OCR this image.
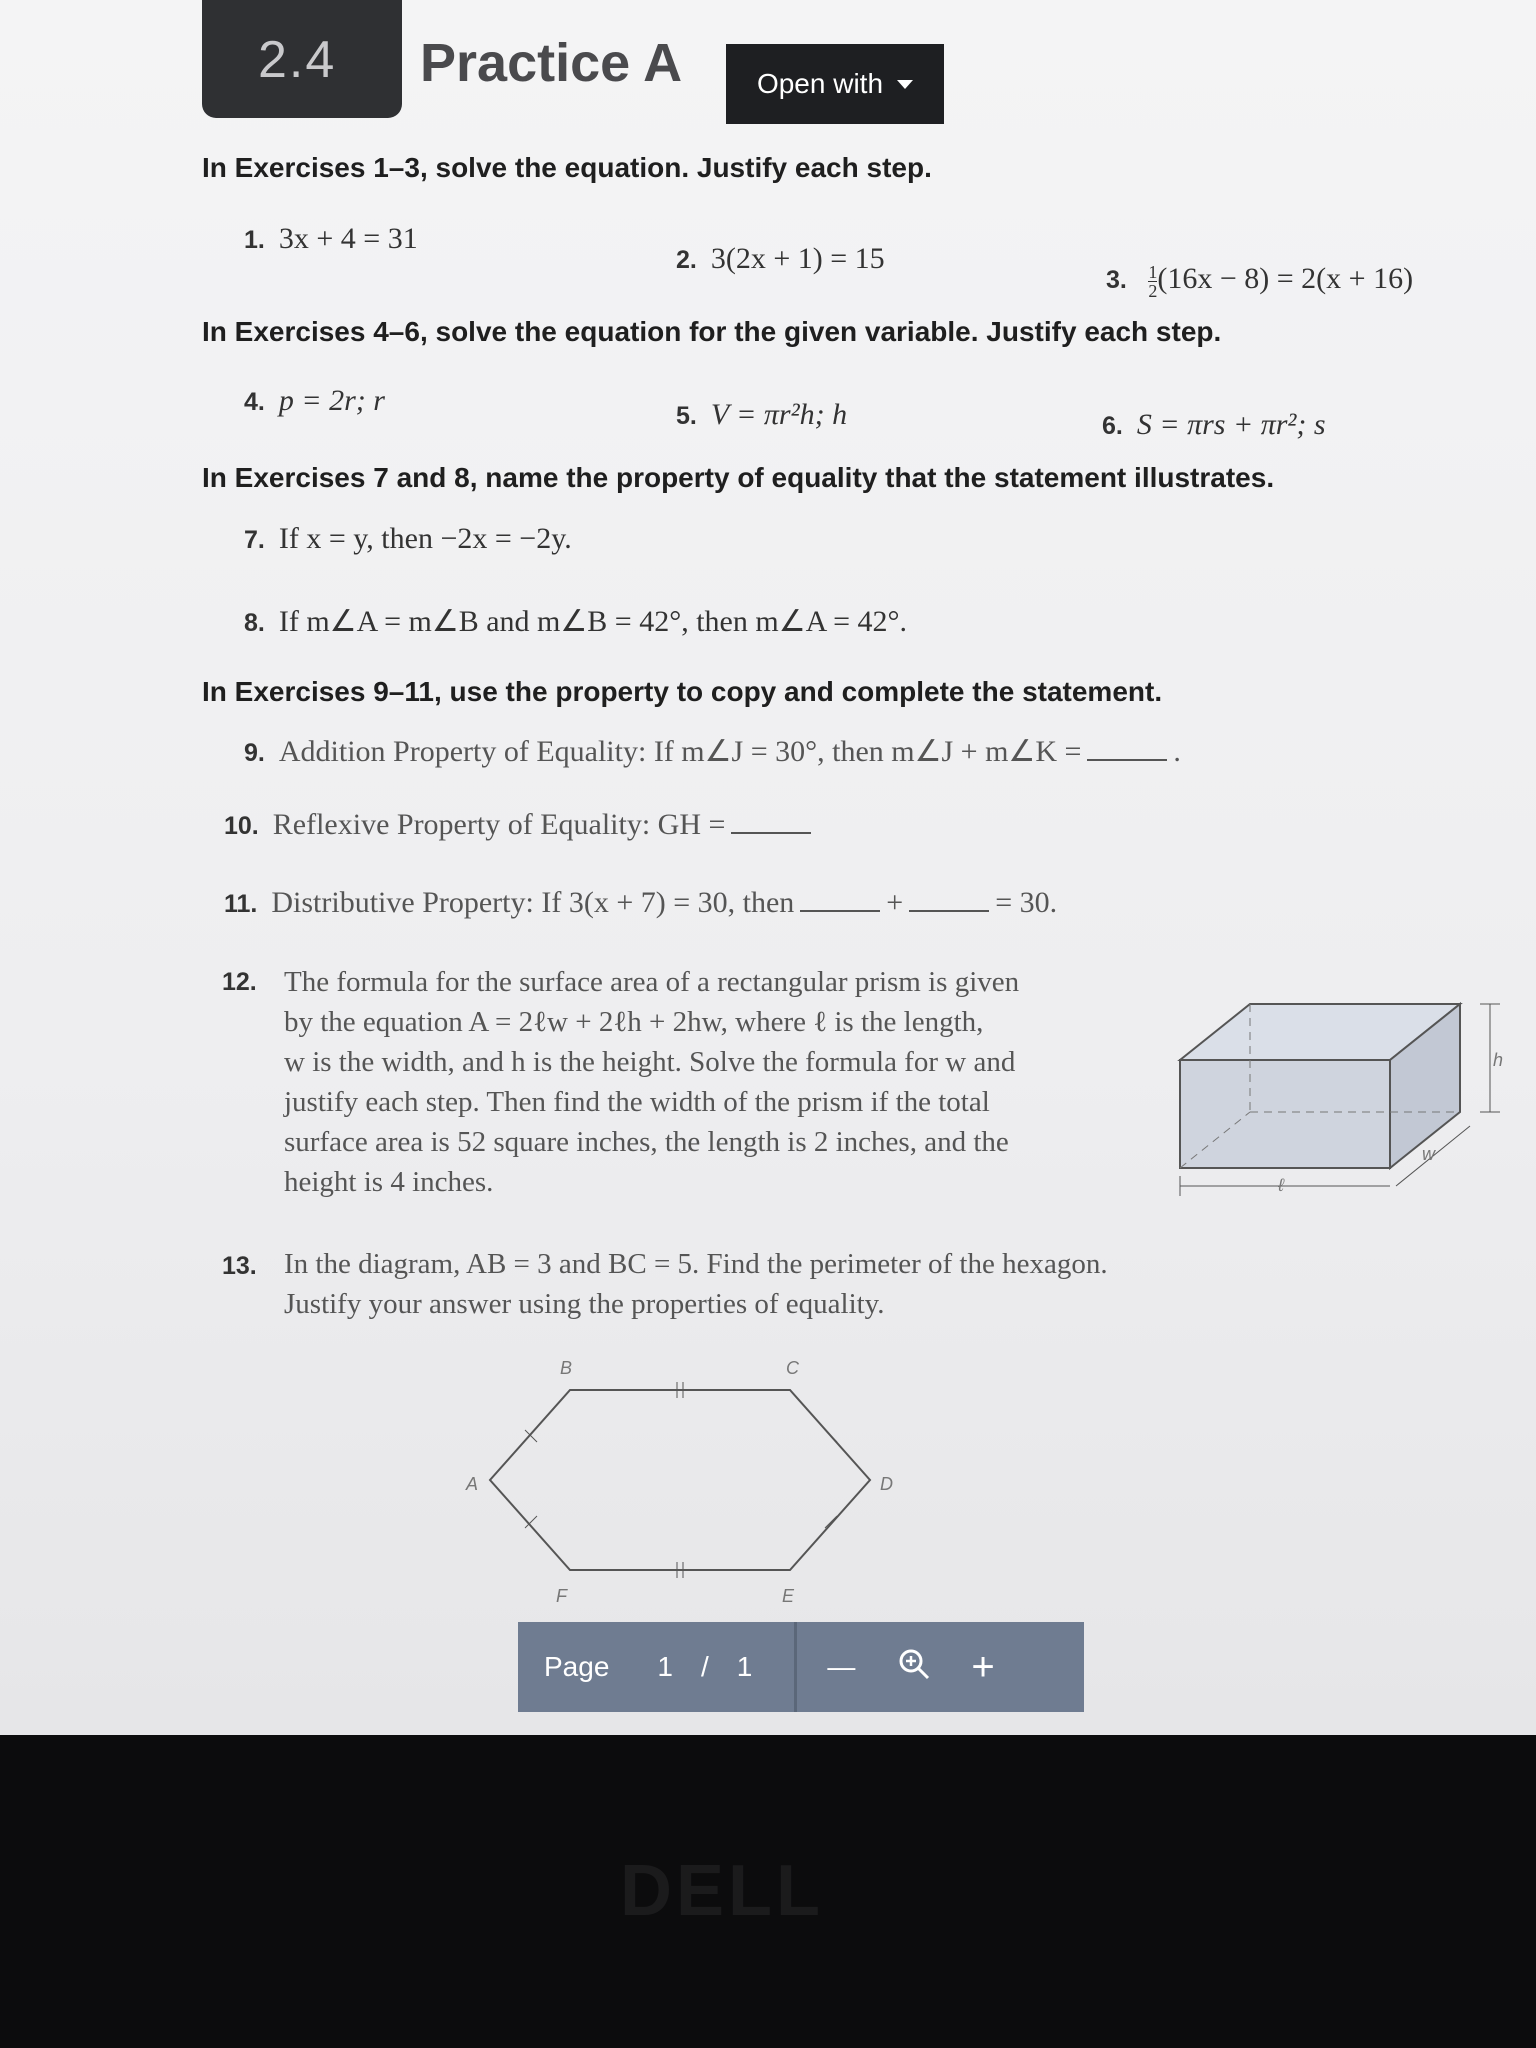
2.4 Practice A	Open with
In Exercises 1–3, solve the equation. Justify each step.
1. 3x + 4 = 31
2. 3(2x + 1) = 15
3. $\frac{1}{2} (16x - 8) = 2(x + 16)$
In Exercises 4–6, solve the equation for the given variable. Justify each step.
4. p = 2r; r	5. V = πr²h; h	6. S = πrs + πr²; s
In Exercises 7 and 8, name the property of equality that the statement illustrates.
7. If x = y, then −2x = −2y.
8. If m∠A = m∠B and m∠B = 42°, then m∠A = 42°.
In Exercises 9–11, use the property to copy and complete the statement.
9. Addition Property of Equality: If m∠J = 30°, then m∠J + m∠K =	.
10. Reflexive Property of Equality: GH =
11. Distributive Property: If 3(x + 7) = 30, then	+	= 30.
12. The formula for the surface area of a rectangular prism is given
by the equation A = 2ℓw + 2ℓh + 2hw, where ℓ is the length,
w is the width, and h is the height. Solve the formula for w and
justify each step. Then find the width of the prism if the total
surface area is 52 square inches, the length is 2 inches, and the
height is 4 inches.
h
w
ℓ
13. In the diagram, AB = 3 and BC = 5. Find the perimeter of the hexagon.
Justify your answer using the properties of equality.
B	C
D
E
F
A
Page 1 / 1	—	+
DELL
